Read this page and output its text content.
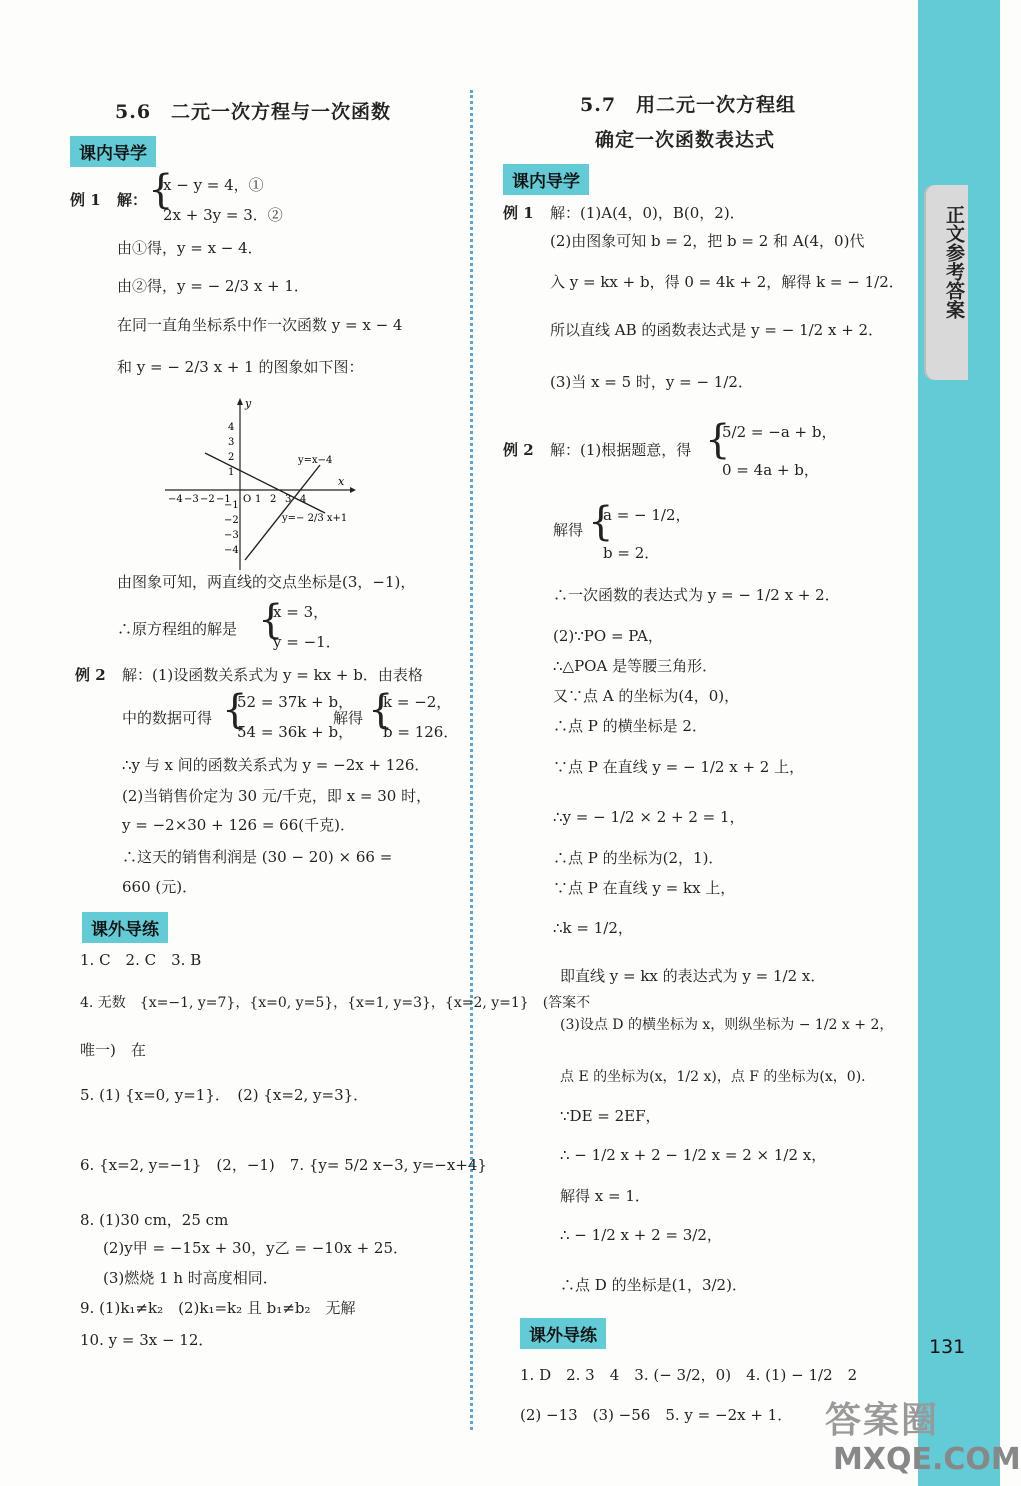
正文参考答案
131
5.6　二元一次方程与一次函数
课内导学
例 1 解： {
x − y = 4，①
2x + 3y = 3．②
由①得，y = x − 4．
由②得，y = − 2/3 x + 1．
在同一直角坐标系中作一次函数 y = x − 4
和 y = − 2/3 x + 1 的图象如下图：
y
x
O
y=x−4
y=− 2/3 x+1
−4 −3 −2 −1 1 2 3 4
4
3
2
1
−1
−2
−3
−4
由图象可知，两直线的交点坐标是(3，−1)，
∴原方程组的解是 {
x = 3，
y = −1．
例 2 解：(1)设函数关系式为 y = kx + b．由表格
中的数据可得 {
52 = 37k + b，
54 = 36k + b，
解得 {
k = −2，
b = 126．
∴y 与 x 间的函数关系式为 y = −2x + 126．
(2)当销售价定为 30 元/千克，即 x = 30 时，
y = −2×30 + 126 = 66(千克)．
∴这天的销售利润是 (30 − 20) × 66 =
660 (元)．
课外导练
1. C　2. C　3. B
4. 无数　{x=−1, y=7}，{x=0, y=5}，{x=1, y=3}，{x=2, y=1}　(答案不
唯一)　在
5. (1) {x=0, y=1}．　(2) {x=2, y=3}．
6. {x=2, y=−1}　(2，−1)　7. {y= 5/2 x−3, y=−x+4}
8. (1)30 cm，25 cm
(2)y甲 = −15x + 30，y乙 = −10x + 25．
(3)燃烧 1 h 时高度相同．
9. (1)k₁≠k₂　(2)k₁=k₂ 且 b₁≠b₂　无解
10. y = 3x − 12．
5.7　用二元一次方程组
确定一次函数表达式
课内导学
例 1 解：(1)A(4，0)，B(0，2)．
(2)由图象可知 b = 2，把 b = 2 和 A(4，0)代
入 y = kx + b，得 0 = 4k + 2，解得 k = − 1/2．
所以直线 AB 的函数表达式是 y = − 1/2 x + 2．
(3)当 x = 5 时，y = − 1/2．
例 2 解：(1)根据题意，得 {
5/2 = −a + b，
0 = 4a + b，
解得 {
a = − 1/2，
b = 2．
∴一次函数的表达式为 y = − 1/2 x + 2．
(2)∵PO = PA，
∴△POA 是等腰三角形．
又∵点 A 的坐标为(4，0)，
∴点 P 的横坐标是 2．
∵点 P 在直线 y = − 1/2 x + 2 上，
∴y = − 1/2 × 2 + 2 = 1，
∴点 P 的坐标为(2，1)．
∵点 P 在直线 y = kx 上，
∴k = 1/2，
即直线 y = kx 的表达式为 y = 1/2 x．
(3)设点 D 的横坐标为 x，则纵坐标为 − 1/2 x + 2，
点 E 的坐标为(x，1/2 x)，点 F 的坐标为(x，0)．
∵DE = 2EF，
∴ − 1/2 x + 2 − 1/2 x = 2 × 1/2 x，
解得 x = 1．
∴ − 1/2 x + 2 = 3/2，
∴点 D 的坐标是(1，3/2)．
课外导练
1. D　2. 3　4　3. (− 3/2，0)　4. (1) − 1/2　2
(2) −13　(3) −56　5. y = −2x + 1． 答案圈
MXQE.COM
